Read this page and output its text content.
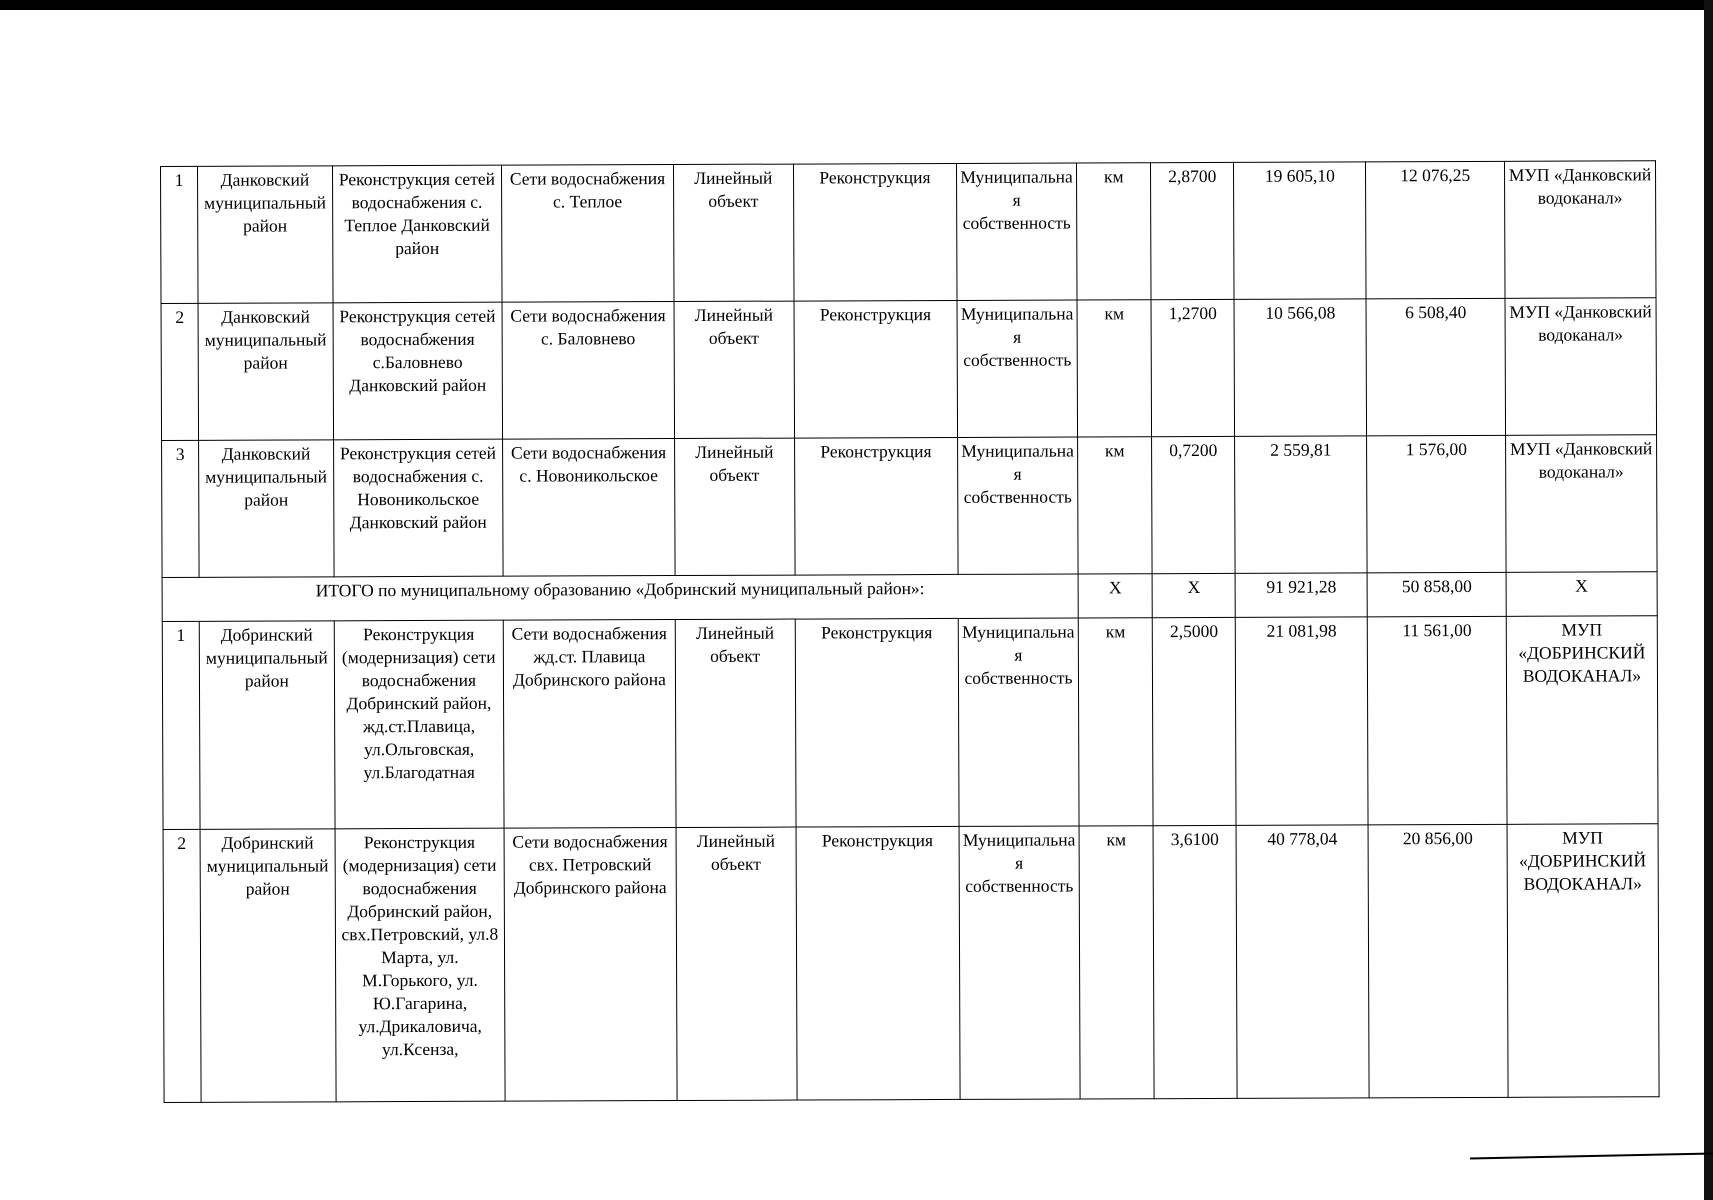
1	Данковский муниципальный район	Реконструкция сетей водоснабжения с. Теплое Данковский район	Сети водоснабжения с. Теплое	Линейный объект	Реконструкция	Муниципальная собственность	км	2,8700	19 605,10	12 076,25	МУП «Данковский водоканал»
2	Данковский муниципальный район	Реконструкция сетей водоснабжения с.Баловнево Данковский район	Сети водоснабжения с. Баловнево	Линейный объект	Реконструкция	Муниципальная собственность	км	1,2700	10 566,08	6 508,40	МУП «Данковский водоканал»
3	Данковский муниципальный район	Реконструкция сетей водоснабжения с. Новоникольское Данковский район	Сети водоснабжения с. Новоникольское	Линейный объект	Реконструкция	Муниципальная собственность	км	0,7200	2 559,81	1 576,00	МУП «Данковский водоканал»
ИТОГО по муниципальному образованию «Добринский муниципальный район»:							Х	Х	91 921,28	50 858,00	Х
1	Добринский муниципальный район	Реконструкция (модернизация) сети водоснабжения Добринский район, жд.ст.Плавица, ул.Ольговская, ул.Благодатная	Сети водоснабжения жд.ст. Плавица Добринского района	Линейный объект	Реконструкция	Муниципальная собственность	км	2,5000	21 081,98	11 561,00	МУП «ДОБРИНСКИЙ ВОДОКАНАЛ»
2	Добринский муниципальный район	Реконструкция (модернизация) сети водоснабжения Добринский район, свх.Петровский, ул.8 Марта, ул. М.Горького, ул. Ю.Гагарина, ул.Дрикаловича, ул.Ксенза,	Сети водоснабжения свх. Петровский Добринского района	Линейный объект	Реконструкция	Муниципальная собственность	км	3,6100	40 778,04	20 856,00	МУП «ДОБРИНСКИЙ ВОДОКАНАЛ»
